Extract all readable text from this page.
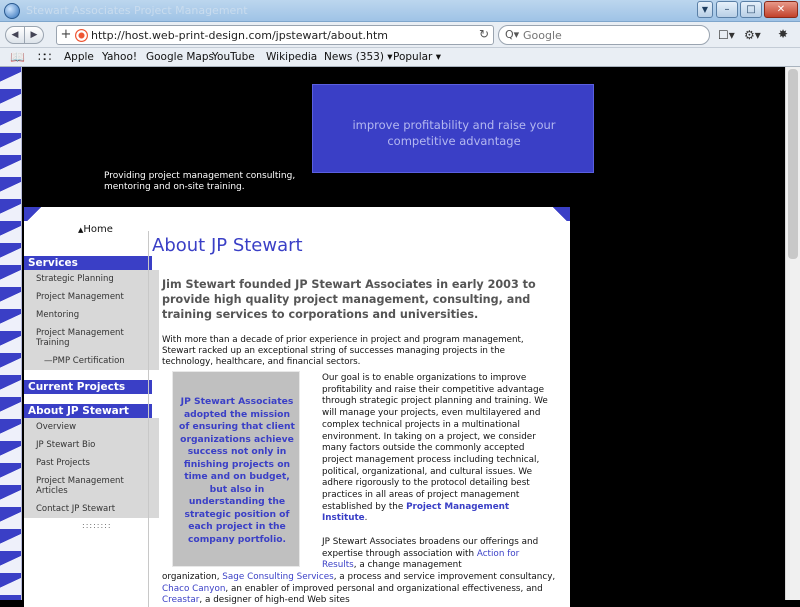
Stewart Associates Project Management	▼	–	□	✕
◀	▶	+ http://host.web-print-design.com/jpstewart/about.htm	↻ Q▾
Google	☐▾ ⚙▾ ✸
📖 ∷∷ Apple Yahoo! Google Maps
YouTube Wikipedia News (353) ▾ Popular ▾
improve profitability and raise your competitive advantage
Providing project management consulting, mentoring and on-site training.
▲Home
Services
Strategic Planning
Project Management
Mentoring
Project Management Training
—PMP Certification
Current Projects
About JP Stewart
Overview
JP Stewart Bio
Past Projects
Project Management Articles
Contact JP Stewart
::::::::
About JP Stewart
Jim Stewart founded JP Stewart Associates in early 2003 to provide high quality project management, consulting, and training services to corporations and universities.
With more than a decade of prior experience in project and program management, Stewart racked up an exceptional string of successes managing projects in the technology, healthcare, and financial sectors.
JP Stewart Associates adopted the mission of ensuring that client organizations achieve success not only in finishing projects on time and on budget, but also in understanding the strategic position of each project in the company portfolio.
Our goal is to enable organizations to improve profitability and raise their competitive advantage through strategic project planning and training. We will manage your projects, even multilayered and complex technical projects in a multinational environment. In taking on a project, we consider many factors outside the commonly accepted project management process including technical, political, organizational, and cultural issues. We adhere rigorously to the protocol detailing best practices in all areas of project management established by the Project Management Institute.
JP Stewart Associates broadens our offerings and expertise through association with Action for Results, a change management
organization, Sage Consulting Services, a process and service improvement consultancy, Chaco Canyon, an enabler of improved personal and organizational effectiveness, and Creastar, a designer of high-end Web sites
